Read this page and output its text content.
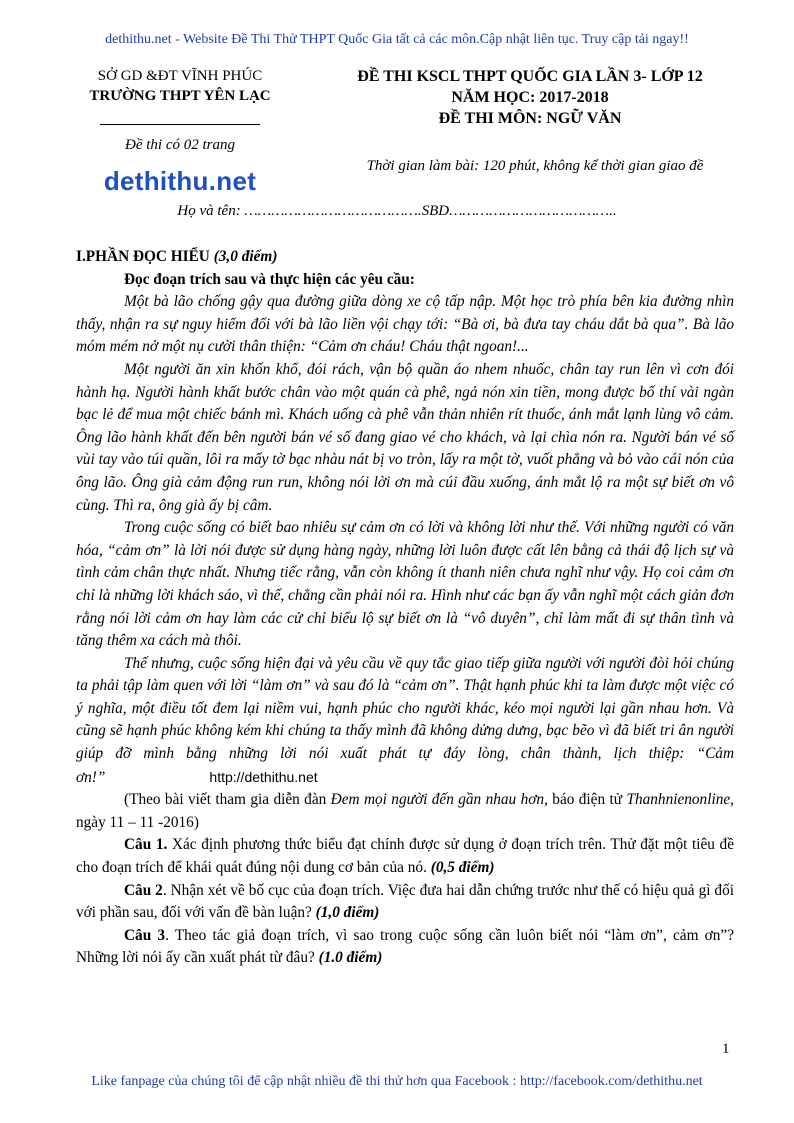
dethithu.net - Website Đề Thi Thử THPT Quốc Gia tất cả các môn.Cập nhật liên tục. Truy cập tải ngay!!
SỞ GD &ĐT VĨNH PHÚC
TRƯỜNG THPT YÊN LẠC
Đề thi có 02 trang
dethithu.net
ĐỀ THI KSCL THPT QUỐC GIA LẦN 3- LỚP 12
NĂM HỌC: 2017-2018
ĐỀ THI MÔN: NGỮ VĂN
Thời gian làm bài: 120 phút, không kể thời gian giao đề
Họ và tên: ………………………………….SBD………………………………..

I.PHẦN ĐỌC HIỂU (3,0 điểm)

Đọc đoạn trích sau và thực hiện các yêu cầu:

Một bà lão chống gậy qua đường giữa dòng xe cộ tấp nập. Một học trò phía bên kia đường nhìn thấy, nhận ra sự nguy hiểm đối với bà lão liền vội chạy tới: “Bà ơi, bà đưa tay cháu dắt bà qua”. Bà lão móm mém nở một nụ cười thân thiện: “Cảm ơn cháu! Cháu thật ngoan!...

Một người ăn xin khốn khổ, đói rách, vận bộ quần áo nhem nhuốc, chân tay run lên vì cơn đói hành hạ. Người hành khất bước chân vào một quán cà phê, ngả nón xin tiền, mong được bố thí vài ngàn bạc lẻ để mua một chiếc bánh mì. Khách uống cà phê vẫn thản nhiên rít thuốc, ánh mắt lạnh lùng vô cảm. Ông lão hành khất đến bên người bán vé số đang giao vé cho khách, và lại chìa nón ra. Người bán vé số vùi tay vào túi quần, lôi ra mấy tờ bạc nhàu nát bị vo tròn, lấy ra một tờ, vuốt phẳng và bỏ vào cái nón của ông lão. Ông già cảm động run run, không nói lời ơn mà cúi đầu xuống, ánh mắt lộ ra một sự biết ơn vô cùng. Thì ra, ông già ấy bị câm.

Trong cuộc sống có biết bao nhiêu sự cảm ơn có lời và không lời như thế. Với những người có văn hóa, “cảm ơn” là lời nói được sử dụng hàng ngày, những lời luôn được cất lên bằng cả thái độ lịch sự và tình cảm chân thực nhất. Nhưng tiếc rằng, vẫn còn không ít thanh niên chưa nghĩ như vậy. Họ coi cảm ơn chỉ là những lời khách sáo, vì thế, chẳng cần phải nói ra. Hình như các bạn ấy vẫn nghĩ một cách giản đơn rằng nói lời cảm ơn hay làm các cử chỉ biểu lộ sự biết ơn là “vô duyên”, chỉ làm mất đi sự thân tình và tăng thêm xa cách mà thôi.

Thế nhưng, cuộc sống hiện đại và yêu cầu về quy tắc giao tiếp giữa người với người đòi hỏi chúng ta phải tập làm quen với lời “làm ơn” và sau đó là “cảm ơn”. Thật hạnh phúc khi ta làm được một việc có ý nghĩa, một điều tốt đem lại niềm vui, hạnh phúc cho người khác, kéo mọi người lại gần nhau hơn. Và cũng sẽ hạnh phúc không kém khi chúng ta thấy mình đã không dửng dưng, bạc bẽo vì đã biết tri ân người giúp đỡ mình bằng những lời nói xuất phát tự đáy lòng, chân thành, lịch thiệp: “Cảm ơn!”	http://dethithu.net

(Theo bài viết tham gia diễn đàn Đem mọi người đến gần nhau hơn, báo điện tử Thanhnienonline, ngày 11 – 11 -2016)

Câu 1. Xác định phương thức biểu đạt chính được sử dụng ở đoạn trích trên. Thử đặt một tiêu đề cho đoạn trích để khái quát đúng nội dung cơ bản của nó. (0,5 điểm)

Câu 2. Nhận xét về bố cục của đoạn trích. Việc đưa hai dẫn chứng trước như thế có hiệu quả gì đối với phần sau, đối với vấn đề bàn luận? (1,0 điểm)

Câu 3. Theo tác giả đoạn trích, vì sao trong cuộc sống cần luôn biết nói “làm ơn”, cảm ơn”? Những lời nói ấy cần xuất phát từ đâu? (1.0 điểm)

1
Like fanpage của chúng tôi để cập nhật nhiều đề thi thử hơn qua Facebook : http://facebook.com/dethithu.net
